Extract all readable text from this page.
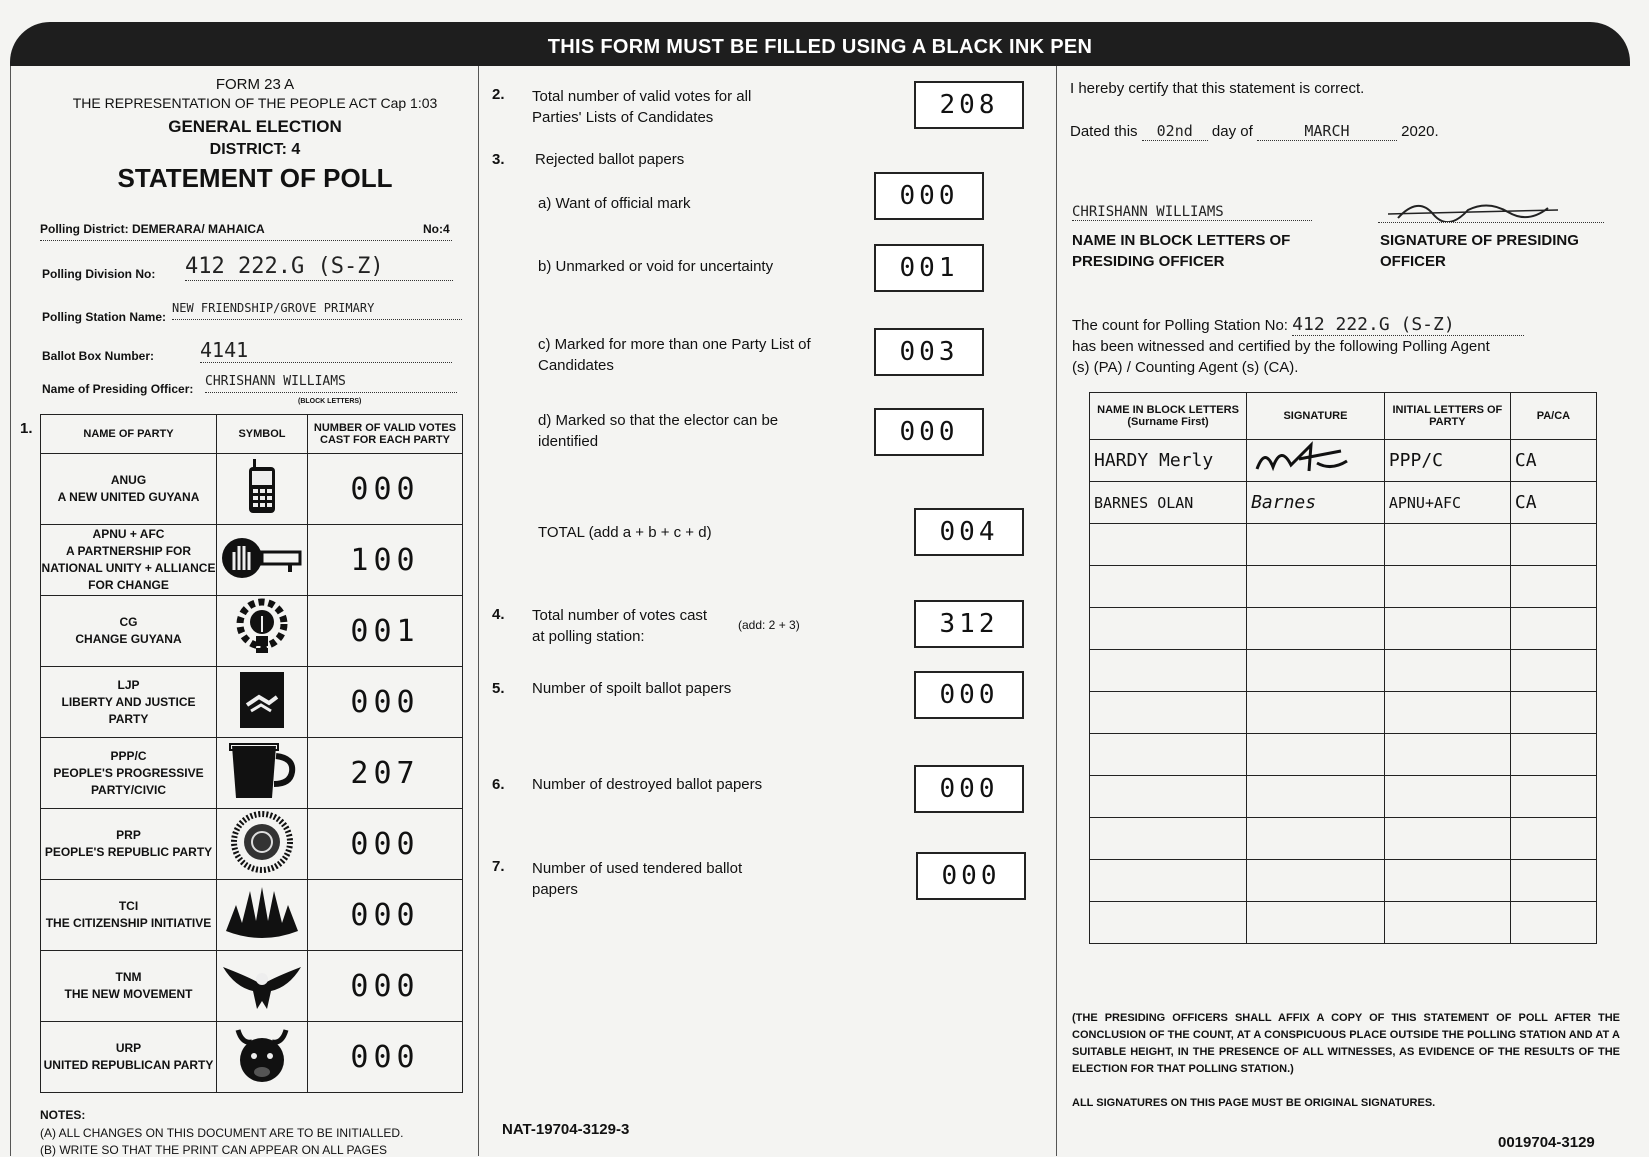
THIS FORM MUST BE FILLED USING A BLACK INK PEN
FORM 23 A
THE REPRESENTATION OF THE PEOPLE ACT Cap 1:03
GENERAL ELECTION
DISTRICT: 4
STATEMENT OF POLL
Polling District: DEMERARA/ MAHAICA	No:4
Polling Division No: 412 222.G (S-Z)
Polling Station Name:
NEW FRIENDSHIP/GROVE PRIMARY
Ballot Box Number: 4141
Name of Presiding Officer: CHRISHANN WILLIAMS
(BLOCK LETTERS)
1.	NAME OF PARTY	SYMBOL	NUMBER OF VALID VOTES CAST FOR EACH PARTY

ANUG
A NEW UNITED GUYANA		000

APNU + AFC
A PARTNERSHIP FOR NATIONAL UNITY + ALLIANCE FOR CHANGE		100

CG
CHANGE GUYANA		001

LJP
LIBERTY AND JUSTICE PARTY		000

PPP/C
PEOPLE'S PROGRESSIVE PARTY/CIVIC		207

PRP
PEOPLE'S REPUBLIC PARTY		000

TCI
THE CITIZENSHIP INITIATIVE		000

TNM
THE NEW MOVEMENT		000

URP
UNITED REPUBLICAN PARTY		000
NOTES:
(A) ALL CHANGES ON THIS DOCUMENT ARE TO BE INITIALLED.
(B) WRITE SO THAT THE PRINT CAN APPEAR ON ALL PAGES
2. Total number of valid votes for all Parties' Lists of Candidates	208
3. Rejected ballot papers
a) Want of official mark	000
b) Unmarked or void for uncertainty	001
c) Marked for more than one Party List of Candidates	003
d) Marked so that the elector can be identified	000
TOTAL (add a + b + c + d)	004
4. Total number of votes cast at polling station:
(add: 2 + 3)	312
5. Number of spoilt ballot papers	000
6. Number of destroyed ballot papers	000
7. Number of used tendered ballot papers	000
NAT-19704-3129-3
I hereby certify that this statement is correct.
Dated this 02nd day of	MARCH	2020.
CHRISHANN WILLIAMS
NAME IN BLOCK LETTERS OF PRESIDING OFFICER
SIGNATURE OF PRESIDING OFFICER
The count for Polling Station No: 412 222.G (S-Z)
has been witnessed and certified by the following Polling Agent (s) (PA) / Counting Agent (s) (CA).
NAME IN BLOCK LETTERS (Surname First)	SIGNATURE	INITIAL LETTERS OF PARTY	PA/CA
HARDY Merly		PPP/C	CA
BARNES OLAN	Barnes	APNU+AFC	CA

(THE PRESIDING OFFICERS SHALL AFFIX A COPY OF THIS STATEMENT OF POLL AFTER THE CONCLUSION OF THE COUNT, AT A CONSPICUOUS PLACE OUTSIDE THE POLLING STATION AND AT A SUITABLE HEIGHT, IN THE PRESENCE OF ALL WITNESSES, AS EVIDENCE OF THE RESULTS OF THE ELECTION FOR THAT POLLING STATION.)
ALL SIGNATURES ON THIS PAGE MUST BE ORIGINAL SIGNATURES.
0019704-3129
